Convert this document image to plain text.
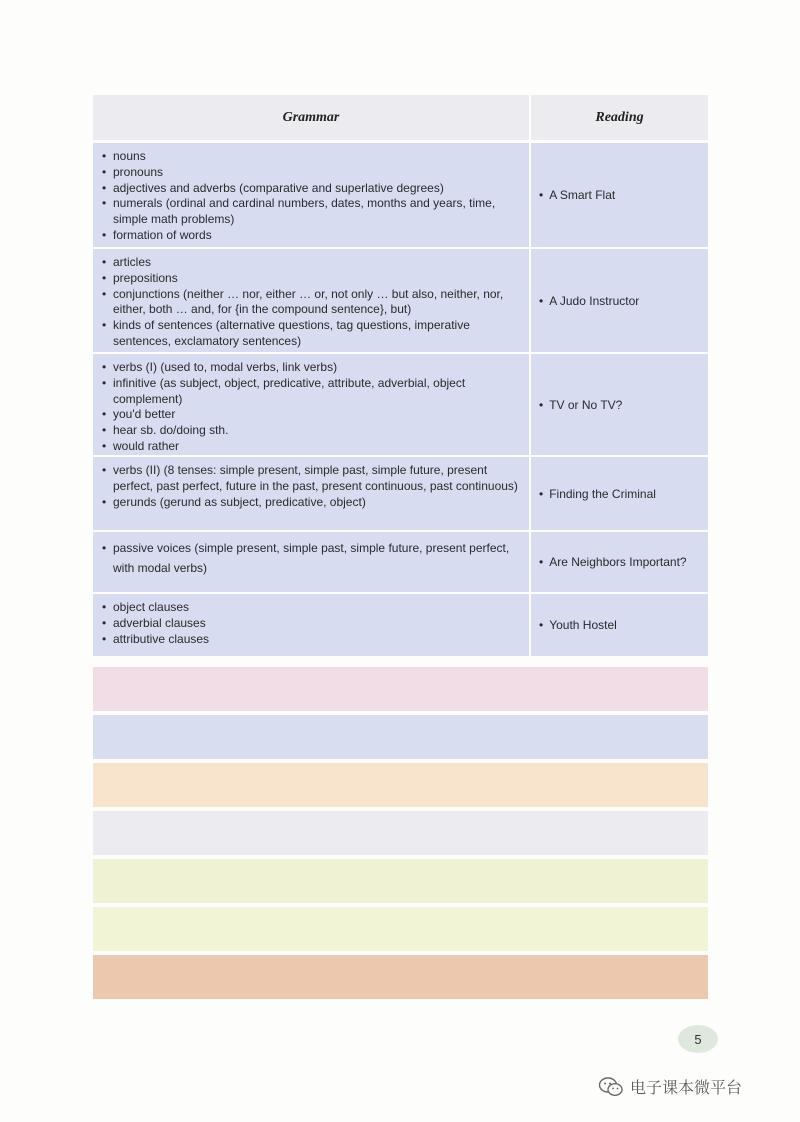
Grammar	Reading
• nouns
• pronouns
• adjectives and adverbs (comparative and superlative degrees)
• numerals (ordinal and cardinal numbers, dates, months and years, time, simple math problems)
• formation of words
• A Smart Flat
• articles
• prepositions
• conjunctions (neither … nor, either … or, not only … but also, neither, nor, either, both … and, for {in the compound sentence}, but)
• kinds of sentences (alternative questions, tag questions, imperative sentences, exclamatory sentences)
• A Judo Instructor
• verbs (I) (used to, modal verbs, link verbs)
• infinitive (as subject, object, predicative, attribute, adverbial, object complement)
• you'd better
• hear sb. do/doing sth.
• would rather
• TV or No TV?
• verbs (II) (8 tenses: simple present, simple past, simple future, present perfect, past perfect, future in the past, present continuous, past continuous)
• gerunds (gerund as subject, predicative, object)
• Finding the Criminal
• passive voices (simple present, simple past, simple future, present perfect, with modal verbs)	• Are Neighbors Important?
• object clauses
• adverbial clauses
• attributive clauses
• Youth Hostel
5
电子课本微平台
